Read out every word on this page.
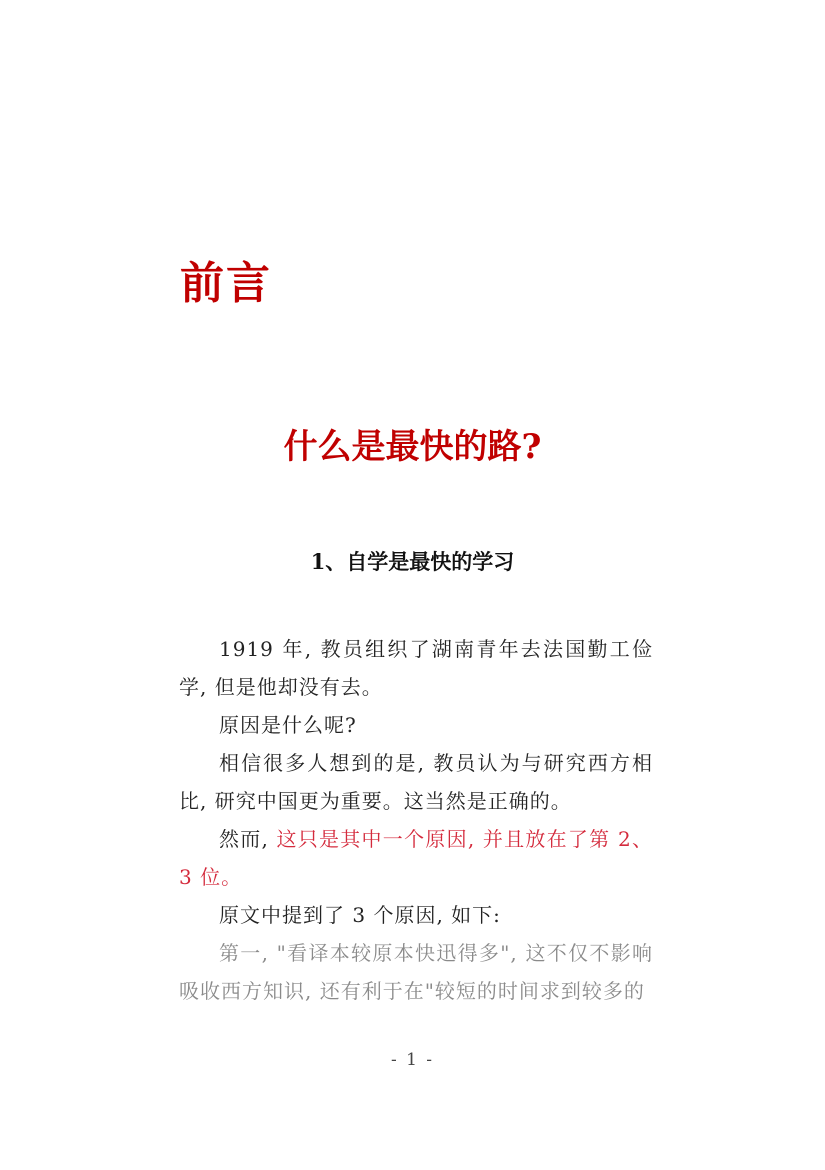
前言
什么是最快的路?
1、自学是最快的学习

1919 年, 教员组织了湖南青年去法国勤工俭学, 但是他却没有去。

原因是什么呢?

相信很多人想到的是, 教员认为与研究西方相比, 研究中国更为重要。这当然是正确的。

然而, 这只是其中一个原因, 并且放在了第 2、 3 位。

原文中提到了 3 个原因, 如下:

第一, "看译本较原本快迅得多", 这不仅不影响吸收西方知识, 还有利于在"较短的时间求到较多的

- 1 -
